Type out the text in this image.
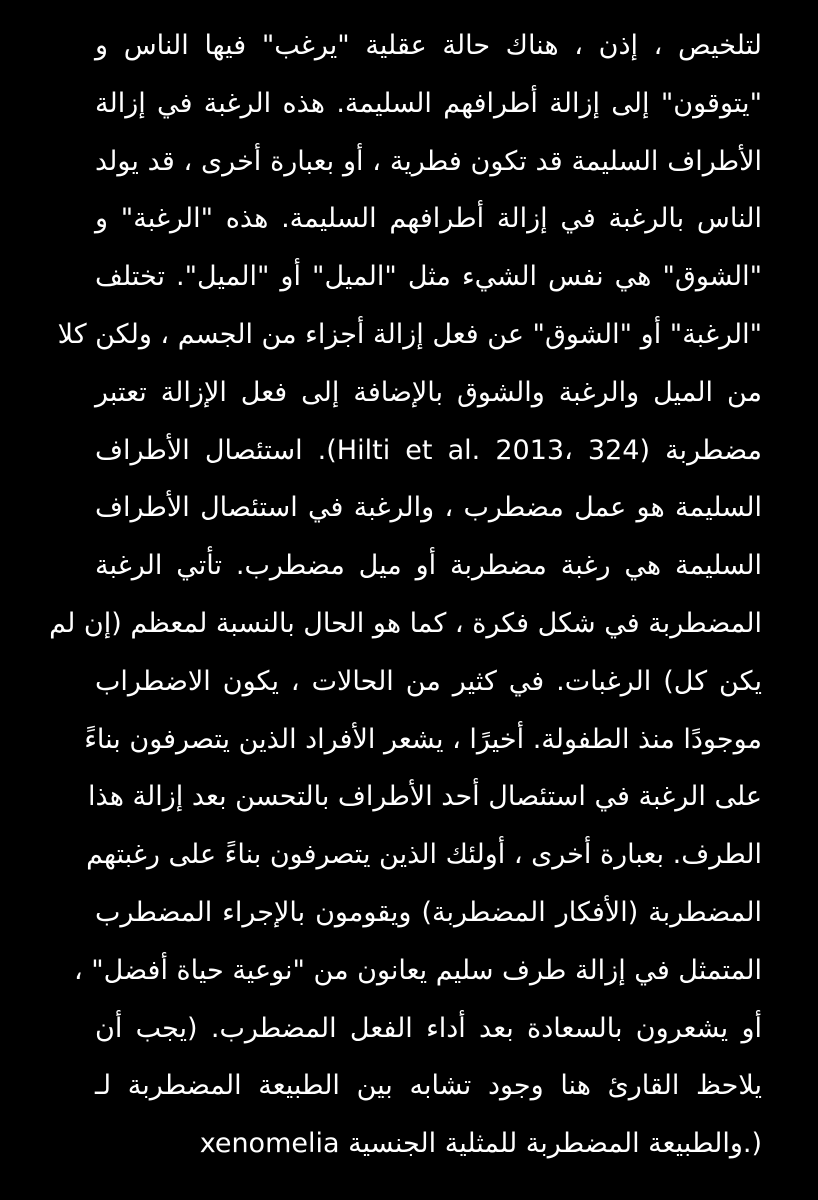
لتلخيص ، إذن ، هناك حالة عقلية "يرغب" فيها الناس و
"يتوقون" إلى إزالة أطرافهم السليمة. هذه الرغبة في إزالة
الأطراف السليمة قد تكون فطرية ، أو بعبارة أخرى ، قد يولد
الناس بالرغبة في إزالة أطرافهم السليمة. هذه "الرغبة" و
"الشوق" هي نفس الشيء مثل "الميل" أو "الميل". تختلف
"الرغبة" أو "الشوق" عن فعل إزالة أجزاء من الجسم ، ولكن كلا
من الميل والرغبة والشوق بالإضافة إلى فعل الإزالة تعتبر
مضطربة (Hilti et al. 2013، 324). استئصال الأطراف
السليمة هو عمل مضطرب ، والرغبة في استئصال الأطراف
السليمة هي رغبة مضطربة أو ميل مضطرب. تأتي الرغبة
المضطربة في شكل فكرة ، كما هو الحال بالنسبة لمعظم (إن لم
يكن كل) الرغبات. في كثير من الحالات ، يكون الاضطراب
موجودًا منذ الطفولة. أخيرًا ، يشعر الأفراد الذين يتصرفون بناءً
على الرغبة في استئصال أحد الأطراف بالتحسن بعد إزالة هذا
الطرف. بعبارة أخرى ، أولئك الذين يتصرفون بناءً على رغبتهم
المضطربة (الأفكار المضطربة) ويقومون بالإجراء المضطرب
المتمثل في إزالة طرف سليم يعانون من "نوعية حياة أفضل" ،
أو يشعرون بالسعادة بعد أداء الفعل المضطرب. (يجب أن
يلاحظ القارئ هنا وجود تشابه بين الطبيعة المضطربة لـ
xenomelia والطبيعة المضطربة للمثلية الجنسية.)
